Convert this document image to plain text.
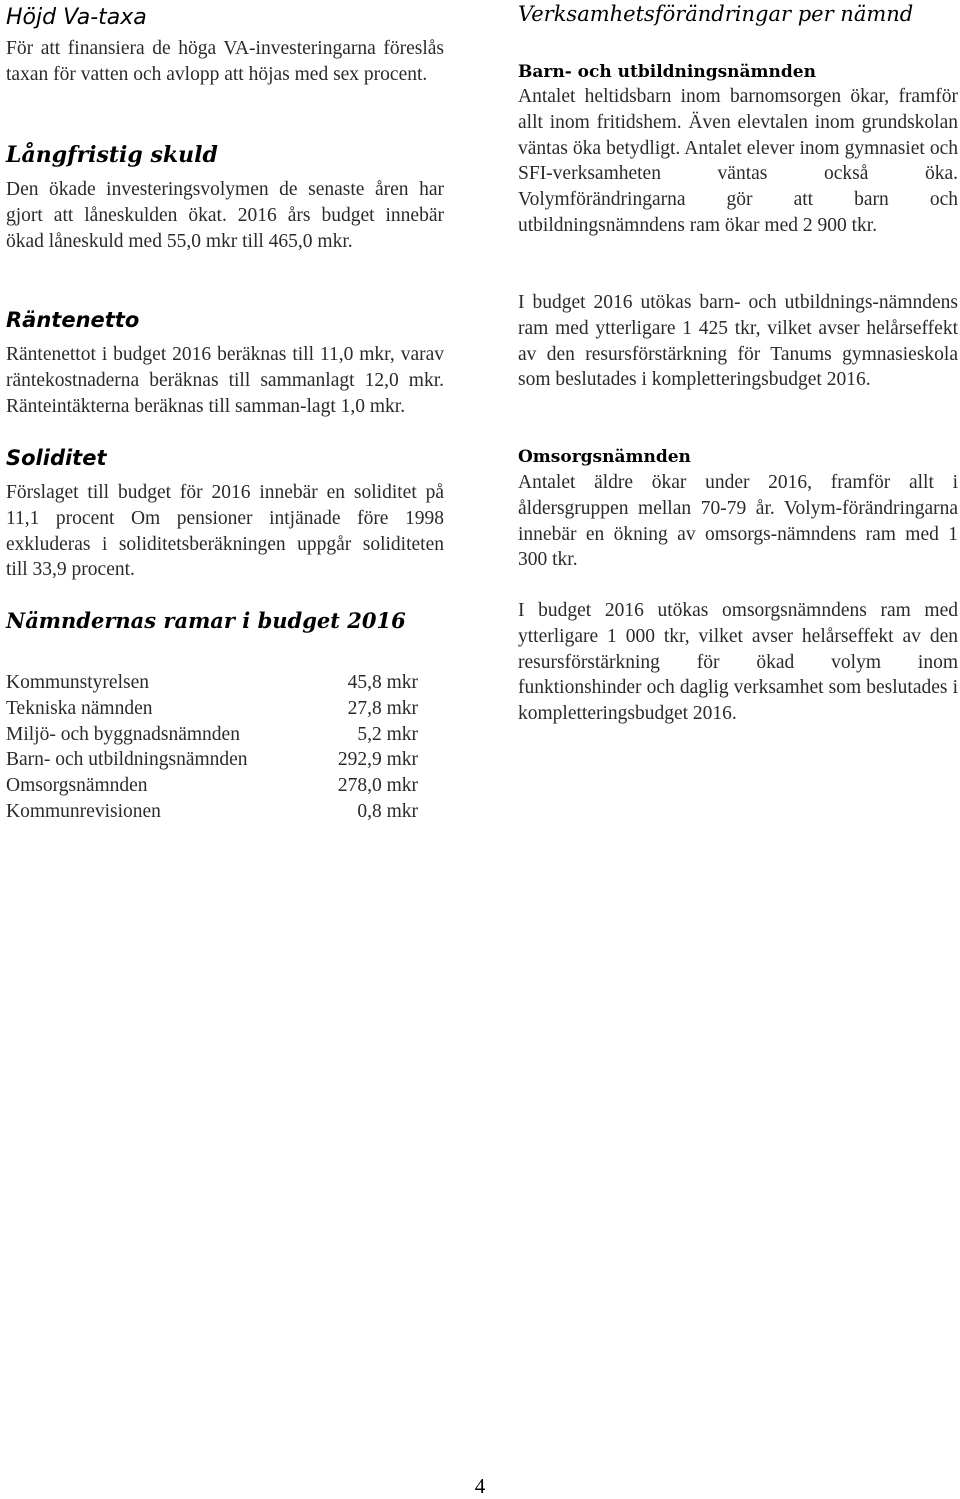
Höjd Va-taxa

För att finansiera de höga VA-investeringarna föreslås taxan för vatten och avlopp att höjas med sex procent.

Långfristig skuld

Den ökade investeringsvolymen de senaste åren har gjort att låneskulden ökat. 2016 års budget innebär ökad låneskuld med 55,0 mkr till 465,0 mkr.

Räntenetto

Räntenettot i budget 2016 beräknas till 11,0 mkr, varav räntekostnaderna beräknas till sammanlagt 12,0 mkr. Ränteintäkterna beräknas till samman-lagt 1,0 mkr.

Soliditet

Förslaget till budget för 2016 innebär en soliditet på 11,1 procent Om pensioner intjänade före 1998 exkluderas i soliditetsberäkningen uppgår soliditeten till 33,9 procent.

Nämndernas ramar i budget 2016
Kommunstyrelsen	45,8 mkr
Tekniska nämnden	27,8 mkr
Miljö- och byggnadsnämnden	5,2 mkr
Barn- och utbildningsnämnden	292,9 mkr
Omsorgsnämnden	278,0 mkr
Kommunrevisionen	0,8 mkr
Verksamhetsförändringar per nämnd
Barn- och utbildningsnämnden

Antalet heltidsbarn inom barnomsorgen ökar, framför allt inom fritidshem. Även elevtalen inom grundskolan väntas öka betydligt. Antalet elever inom gymnasiet och SFI-verksamheten väntas också öka. Volymförändringarna gör att barn och utbildningsnämndens ram ökar med 2 900 tkr.

I budget 2016 utökas barn- och utbildnings-nämndens ram med ytterligare 1 425 tkr, vilket avser helårseffekt av den resursförstärkning för Tanums gymnasieskola som beslutades i kompletteringsbudget 2016.

Omsorgsnämnden

Antalet äldre ökar under 2016, framför allt i åldersgruppen mellan 70-79 år. Volym-förändringarna innebär en ökning av omsorgs-nämndens ram med 1 300 tkr.

I budget 2016 utökas omsorgsnämndens ram med ytterligare 1 000 tkr, vilket avser helårseffekt av den resursförstärkning för ökad volym inom funktionshinder och daglig verksamhet som beslutades i kompletteringsbudget 2016.

4
